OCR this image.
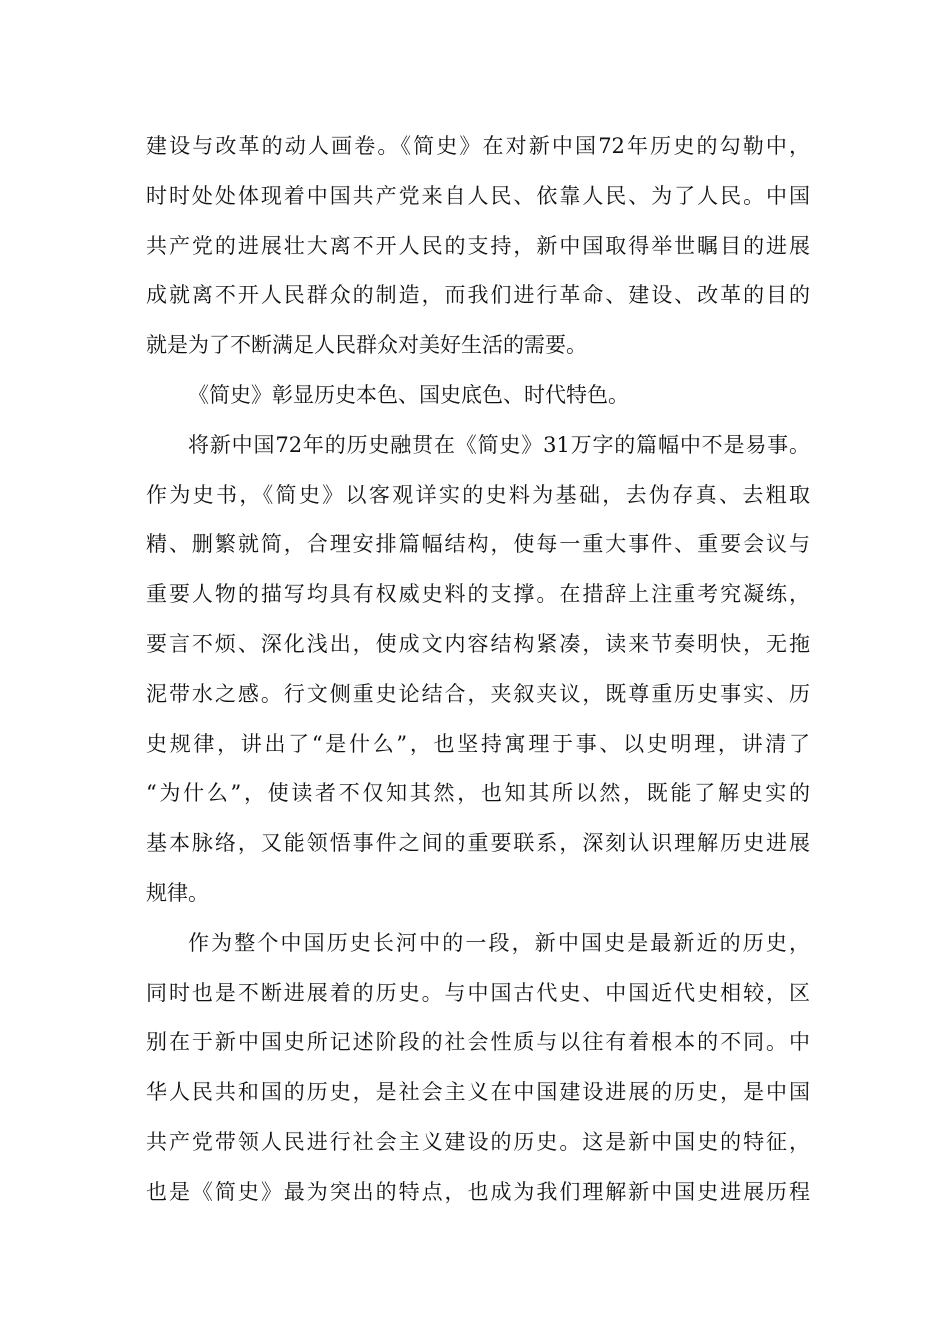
建设与改革的动人画卷。《简史》在对新中国72年历史的勾勒中，
时时处处体现着中国共产党来自人民、依靠人民、为了人民。中国
共产党的进展壮大离不开人民的支持，新中国取得举世瞩目的进展
成就离不开人民群众的制造，而我们进行革命、建设、改革的目的
就是为了不断满足人民群众对美好生活的需要。
《简史》彰显历史本色、国史底色、时代特色。
将新中国72年的历史融贯在《简史》31万字的篇幅中不是易事。
作为史书，《简史》以客观详实的史料为基础，去伪存真、去粗取
精、删繁就简，合理安排篇幅结构，使每一重大事件、重要会议与
重要人物的描写均具有权威史料的支撑。在措辞上注重考究凝练，
要言不烦、深化浅出，使成文内容结构紧凑，读来节奏明快，无拖
泥带水之感。行文侧重史论结合，夹叙夹议，既尊重历史事实、历
史规律，讲出了“是什么”，也坚持寓理于事、以史明理，讲清了
“为什么”，使读者不仅知其然，也知其所以然，既能了解史实的
基本脉络，又能领悟事件之间的重要联系，深刻认识理解历史进展
规律。
作为整个中国历史长河中的一段，新中国史是最新近的历史，
同时也是不断进展着的历史。与中国古代史、中国近代史相较，区
别在于新中国史所记述阶段的社会性质与以往有着根本的不同。中
华人民共和国的历史，是社会主义在中国建设进展的历史，是中国
共产党带领人民进行社会主义建设的历史。这是新中国史的特征，
也是《简史》最为突出的特点，也成为我们理解新中国史进展历程
